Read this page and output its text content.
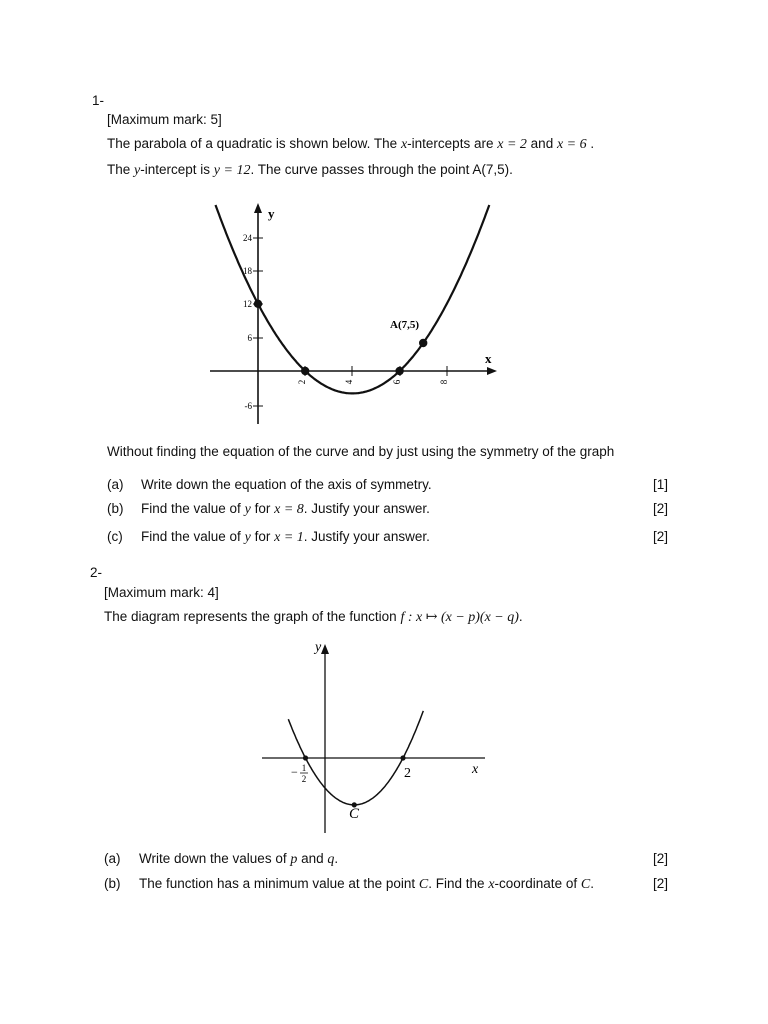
1-
[Maximum mark: 5]
The parabola of a quadratic is shown below. The x-intercepts are x = 2 and x = 6 .
The y-intercept is y = 12. The curve passes through the point A(7,5).
x
y
2	4	6	8
24
18
12
6
-6
A(7,5)
Without finding the equation of the curve and by just using the symmetry of the graph
(a)	Write down the equation of the axis of symmetry.	[1]
(b)	Find the value of y for x = 8. Justify your answer.	[2]
(c)	Find the value of y for x = 1. Justify your answer.	[2]
2-
[Maximum mark: 4]
The diagram represents the graph of the function f : x ↦ (x − p)(x − q).
y
x
− 1
2	2
C
(a)	Write down the values of p and q.	[2]
(b)	The function has a minimum value at the point C. Find the x-coordinate of C.	[2]
